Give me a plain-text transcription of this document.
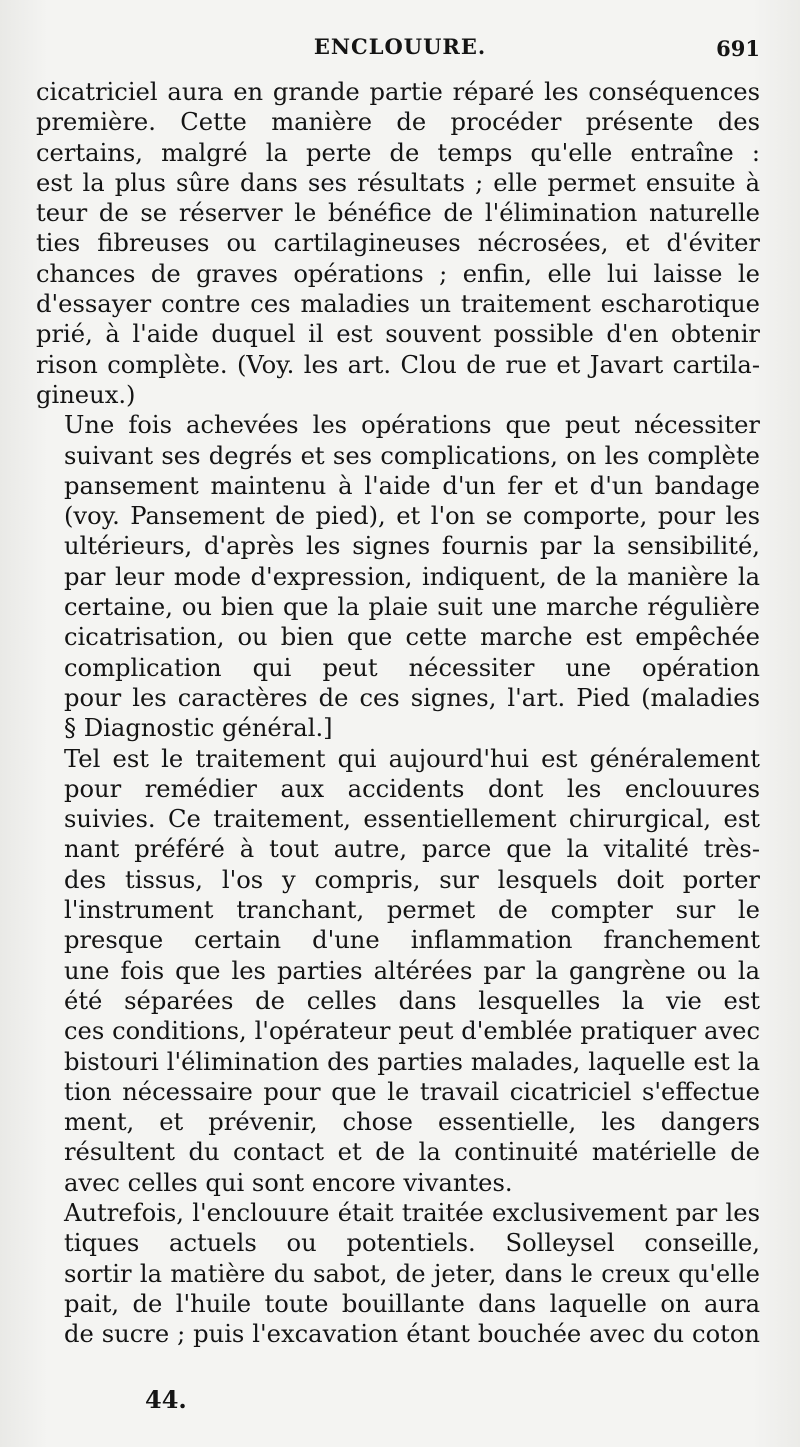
ENCLOUURE.	691
cicatriciel aura en grande partie réparé les conséquences
première. Cette manière de procéder présente des
certains, malgré la perte de temps qu'elle entraîne :
est la plus sûre dans ses résultats ; elle permet ensuite à
teur de se réserver le bénéfice de l'élimination naturelle
ties fibreuses ou cartilagineuses nécrosées, et d'éviter
chances de graves opérations ; enfin, elle lui laisse le
d'essayer contre ces maladies un traitement escharotique
prié, à l'aide duquel il est souvent possible d'en obtenir
rison complète. (Voy. les art. Clou de rue et Javart cartila-
gineux.)
Une fois achevées les opérations que peut nécessiter
suivant ses degrés et ses complications, on les complète
pansement maintenu à l'aide d'un fer et d'un bandage
(voy. Pansement de pied), et l'on se comporte, pour les
ultérieurs, d'après les signes fournis par la sensibilité,
par leur mode d'expression, indiquent, de la manière la
certaine, ou bien que la plaie suit une marche régulière
cicatrisation, ou bien que cette marche est empêchée
complication qui peut nécessiter une opération
pour les caractères de ces signes, l'art. Pied (maladies
§ Diagnostic général.]
Tel est le traitement qui aujourd'hui est généralement
pour remédier aux accidents dont les enclouures
suivies. Ce traitement, essentiellement chirurgical, est
nant préféré à tout autre, parce que la vitalité très-
des tissus, l'os y compris, sur lesquels doit porter
l'instrument tranchant, permet de compter sur le
presque certain d'une inflammation franchement
une fois que les parties altérées par la gangrène ou la
été séparées de celles dans lesquelles la vie est
ces conditions, l'opérateur peut d'emblée pratiquer avec
bistouri l'élimination des parties malades, laquelle est la
tion nécessaire pour que le travail cicatriciel s'effectue
ment, et prévenir, chose essentielle, les dangers
résultent du contact et de la continuité matérielle de
avec celles qui sont encore vivantes.
Autrefois, l'enclouure était traitée exclusivement par les
tiques actuels ou potentiels. Solleysel conseille,
sortir la matière du sabot, de jeter, dans le creux qu'elle
pait, de l'huile toute bouillante dans laquelle on aura
de sucre ; puis l'excavation étant bouchée avec du coton
44.
